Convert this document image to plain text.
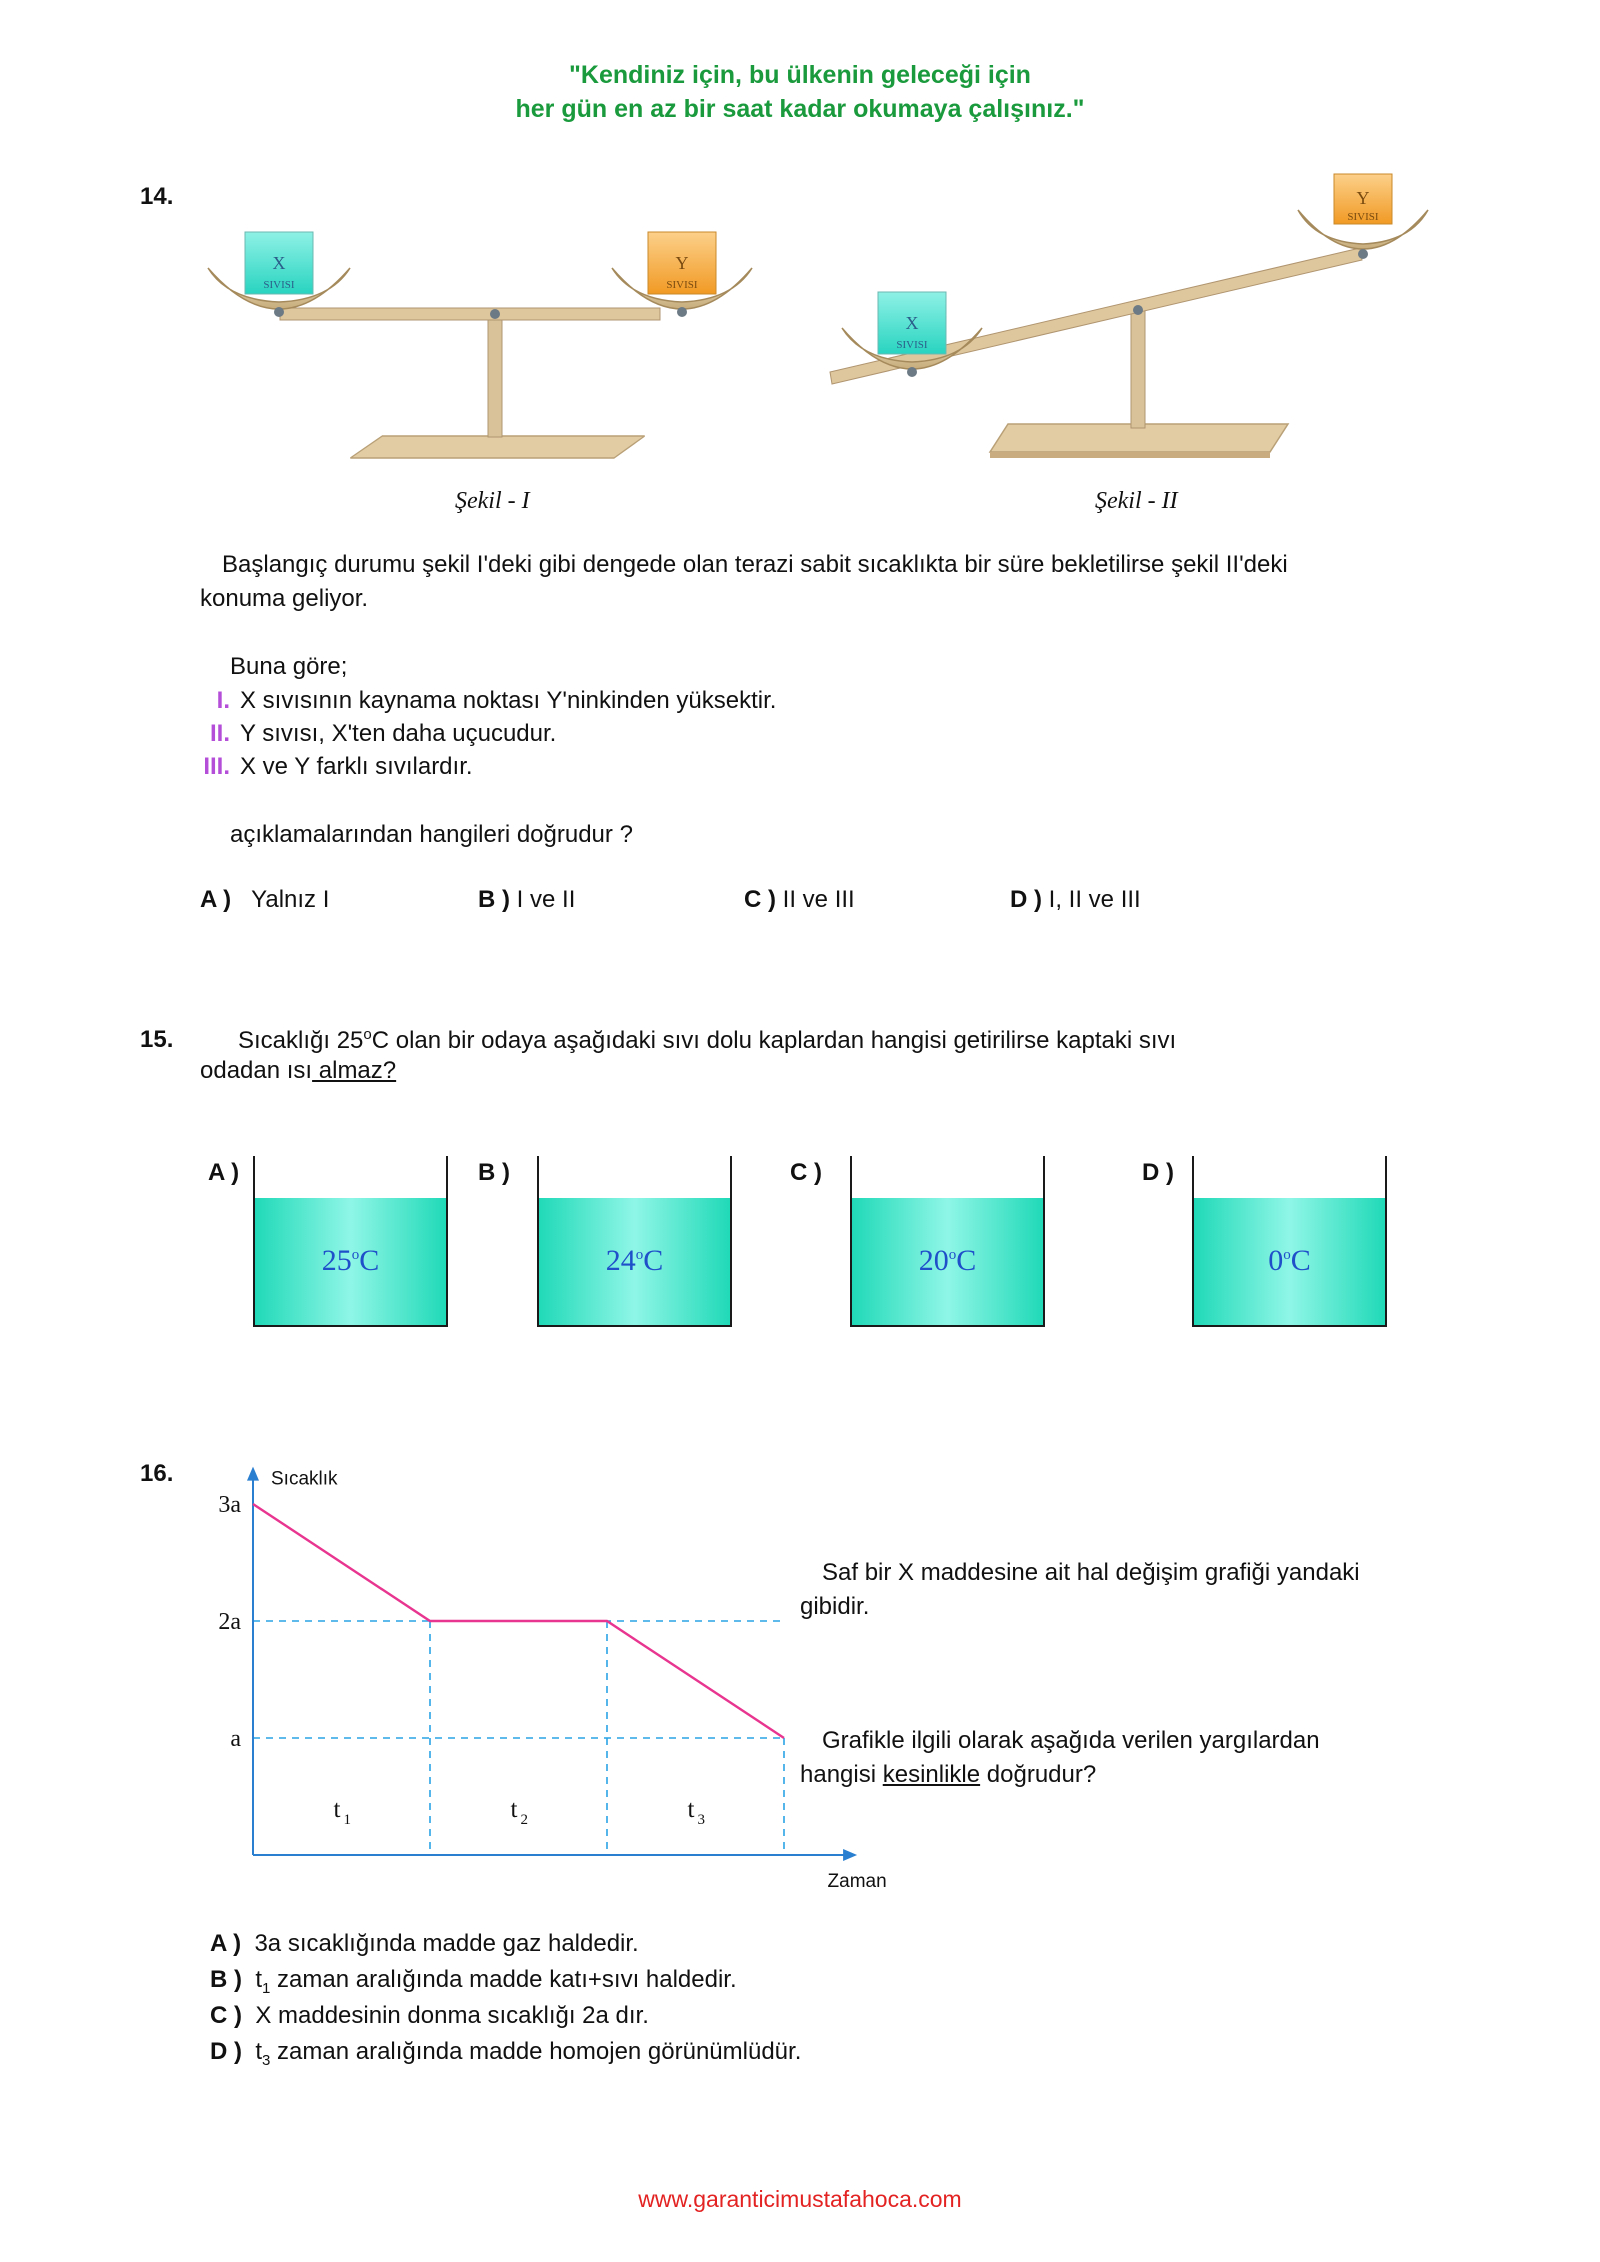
"Kendiniz için, bu ülkenin geleceği için
her gün en az bir saat kadar okumaya çalışınız."
14.
X
SIVISI
Y
SIVISI
X
SIVISI
Y
SIVISI
Şekil - I	Şekil - II
Başlangıç durumu şekil I'deki gibi dengede olan terazi sabit sıcaklıkta bir süre bekletilirse şekil II'deki
konuma geliyor.
Buna göre;
I. X sıvısının kaynama noktası Y'ninkinden yüksektir.
II. Y sıvısı, X'ten daha uçucudur.
III. X ve Y farklı sıvılardır.
açıklamalarından hangileri doğrudur ?
A ) Yalnız I	B ) I ve II	C ) II ve III	D ) I, II ve III
15.	Sıcaklığı 25$^o$C olan bir odaya aşağıdaki sıvı dolu kaplardan hangisi getirilirse kaptaki sıvı
odadan ısı almaz?
A )	B )	C )	D )
25$^o$C	24$^o$C	20$^o$C	0$^o$C
16.
3a
2a
a
t 1	t 2	t 3
Sıcaklık
Zaman
Saf bir X maddesine ait hal değişim grafiği yandaki
gibidir.
Grafikle ilgili olarak aşağıda verilen yargılardan
hangisi kesinlikle doğrudur?
A ) 3a sıcaklığında madde gaz haldedir.
B ) $t_1$ zaman aralığında madde katı+sıvı haldedir.
C ) X maddesinin donma sıcaklığı 2a dır.
D ) $t_3$ zaman aralığında madde homojen görünümlüdür.
www.garanticimustafahoca.com
